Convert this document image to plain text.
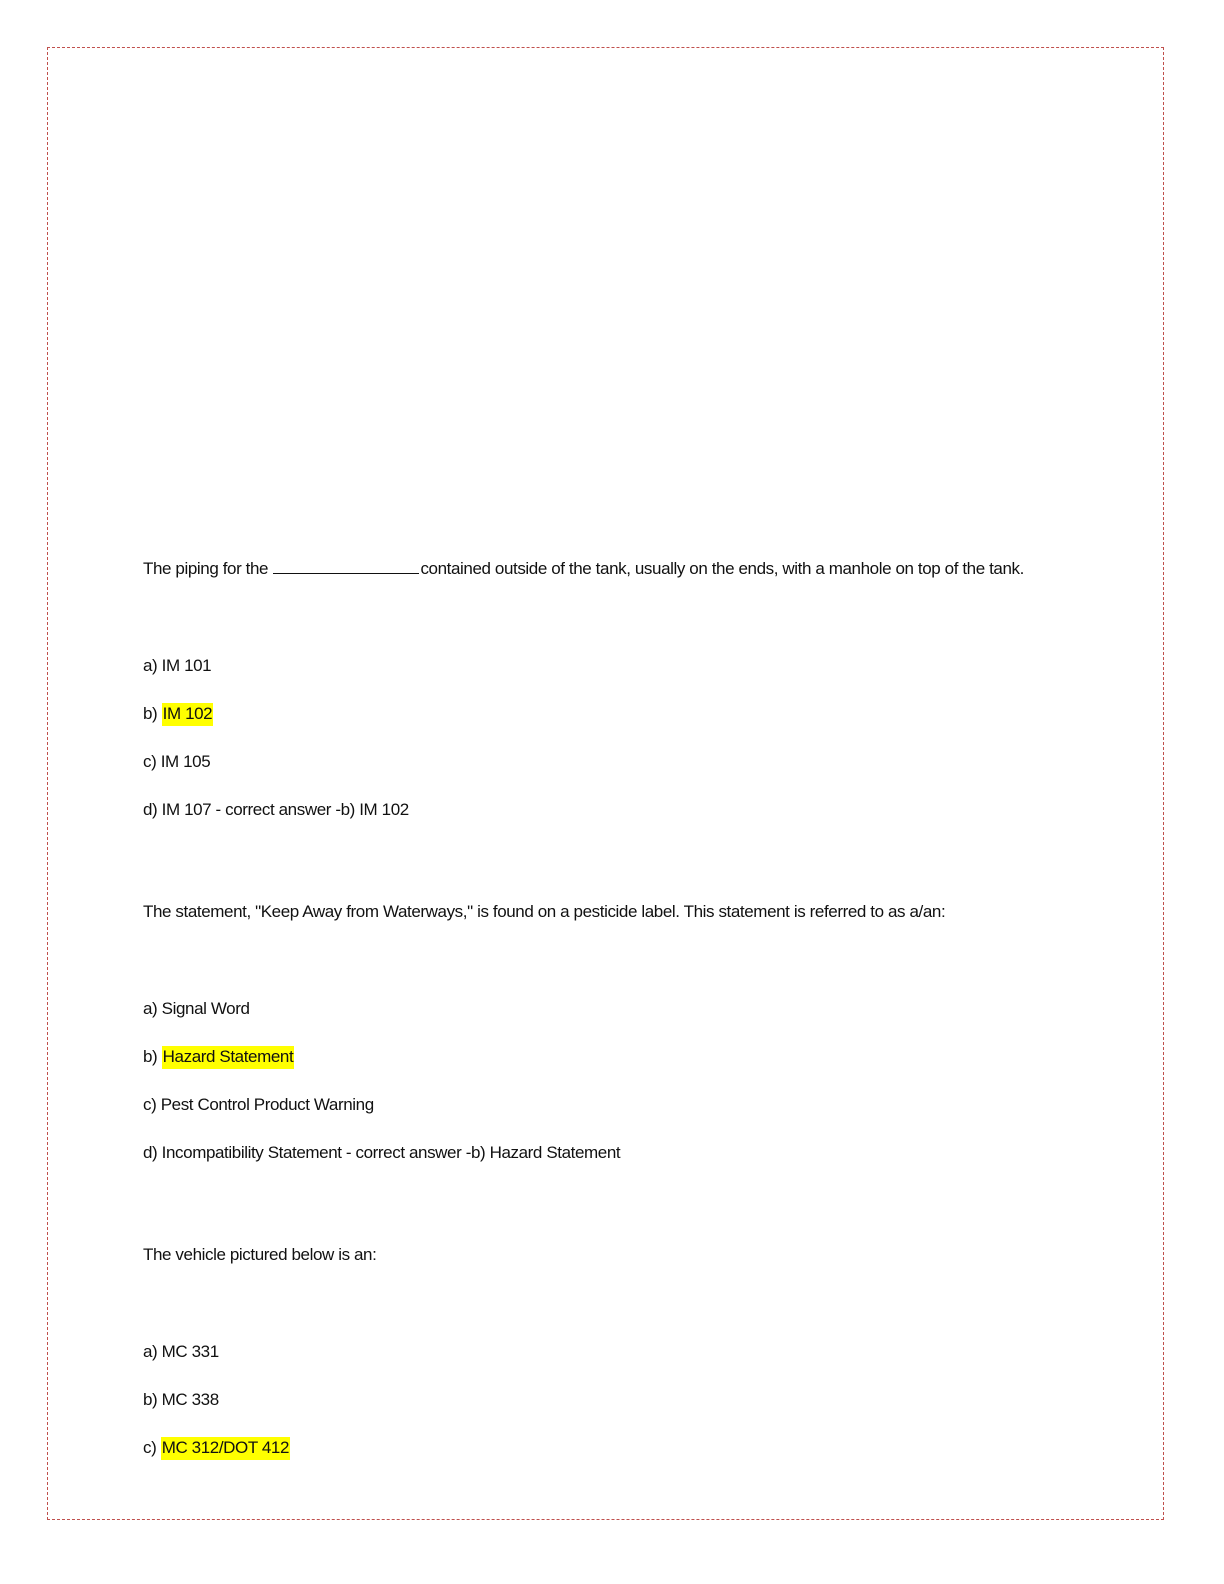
The piping for the	contained outside of the tank, usually on the ends, with a manhole on top of the tank.

a) IM 101

b) IM 102

c) IM 105

d) IM 107 - correct answer -b) IM 102

The statement, "Keep Away from Waterways," is found on a pesticide label. This statement is referred to as a/an:

a) Signal Word

b) Hazard Statement

c) Pest Control Product Warning

d) Incompatibility Statement - correct answer -b) Hazard Statement

The vehicle pictured below is an:

a) MC 331

b) MC 338

c) MC 312/DOT 412
